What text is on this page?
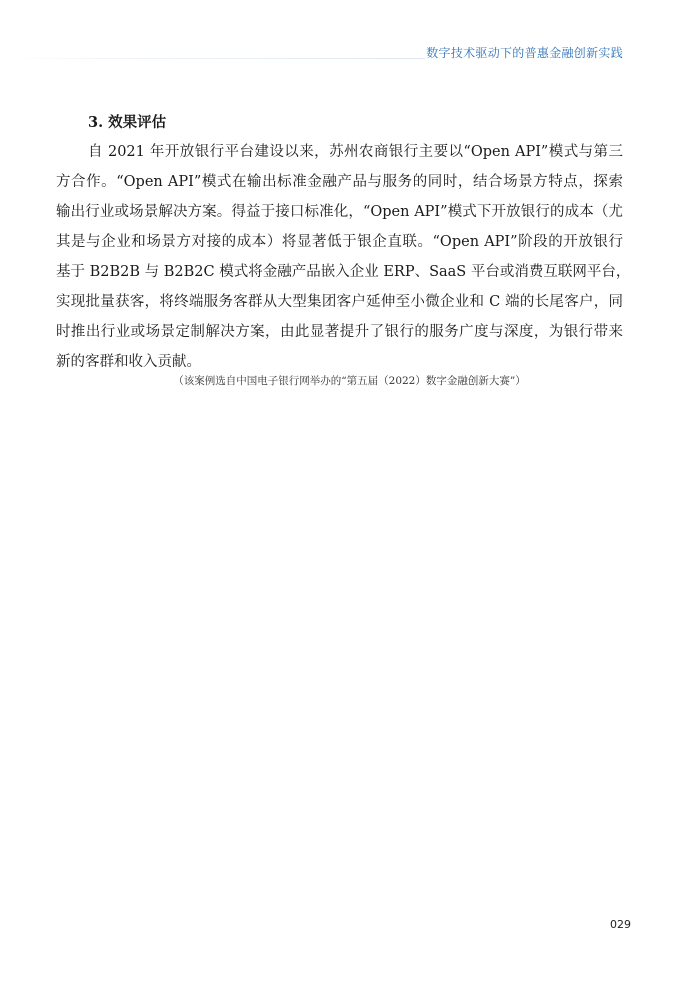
数字技术驱动下的普惠金融创新实践
3. 效果评估

自 2021 年开放银行平台建设以来，苏州农商银行主要以“Open API”模式与第三
方合作。“Open API”模式在输出标准金融产品与服务的同时，结合场景方特点，探索
输出行业或场景解决方案。得益于接口标准化，“Open API”模式下开放银行的成本（尤
其是与企业和场景方对接的成本）将显著低于银企直联。“Open API”阶段的开放银行
基于 B2B2B 与 B2B2C 模式将金融产品嵌入企业 ERP、SaaS 平台或消费互联网平台，
实现批量获客，将终端服务客群从大型集团客户延伸至小微企业和 C 端的长尾客户，同
时推出行业或场景定制解决方案，由此显著提升了银行的服务广度与深度，为银行带来
新的客群和收入贡献。

（该案例选自中国电子银行网举办的“第五届（2022）数字金融创新大赛”）
029
